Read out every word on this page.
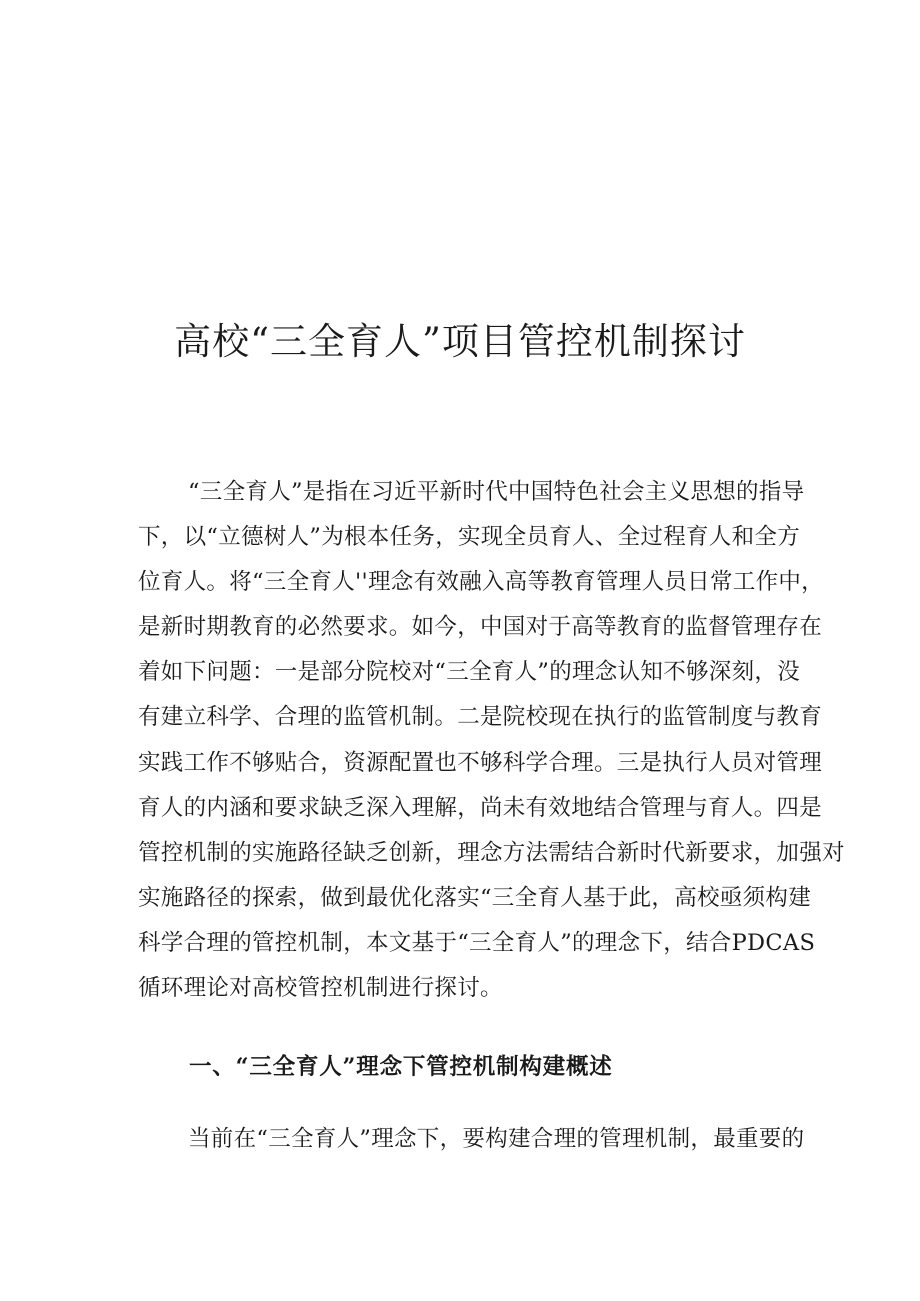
高校“三全育人”项目管控机制探讨
“三全育人”是指在习近平新时代中国特色社会主义思想的指导
下，以“立德树人”为根本任务，实现全员育人、全过程育人和全方
位育人。将“三全育人''理念有效融入高等教育管理人员日常工作中，
是新时期教育的必然要求。如今，中国对于高等教育的监督管理存在
着如下问题：一是部分院校对“三全育人”的理念认知不够深刻，没
有建立科学、合理的监管机制。二是院校现在执行的监管制度与教育
实践工作不够贴合，资源配置也不够科学合理。三是执行人员对管理
育人的内涵和要求缺乏深入理解，尚未有效地结合管理与育人。四是
管控机制的实施路径缺乏创新，理念方法需结合新时代新要求，加强对
实施路径的探索，做到最优化落实“三全育人基于此，高校亟须构建
科学合理的管控机制，本文基于“三全育人”的理念下，结合PDCAS
循环理论对高校管控机制进行探讨。
一、“三全育人”理念下管控机制构建概述
当前在“三全育人”理念下，要构建合理的管理机制，最重要的
